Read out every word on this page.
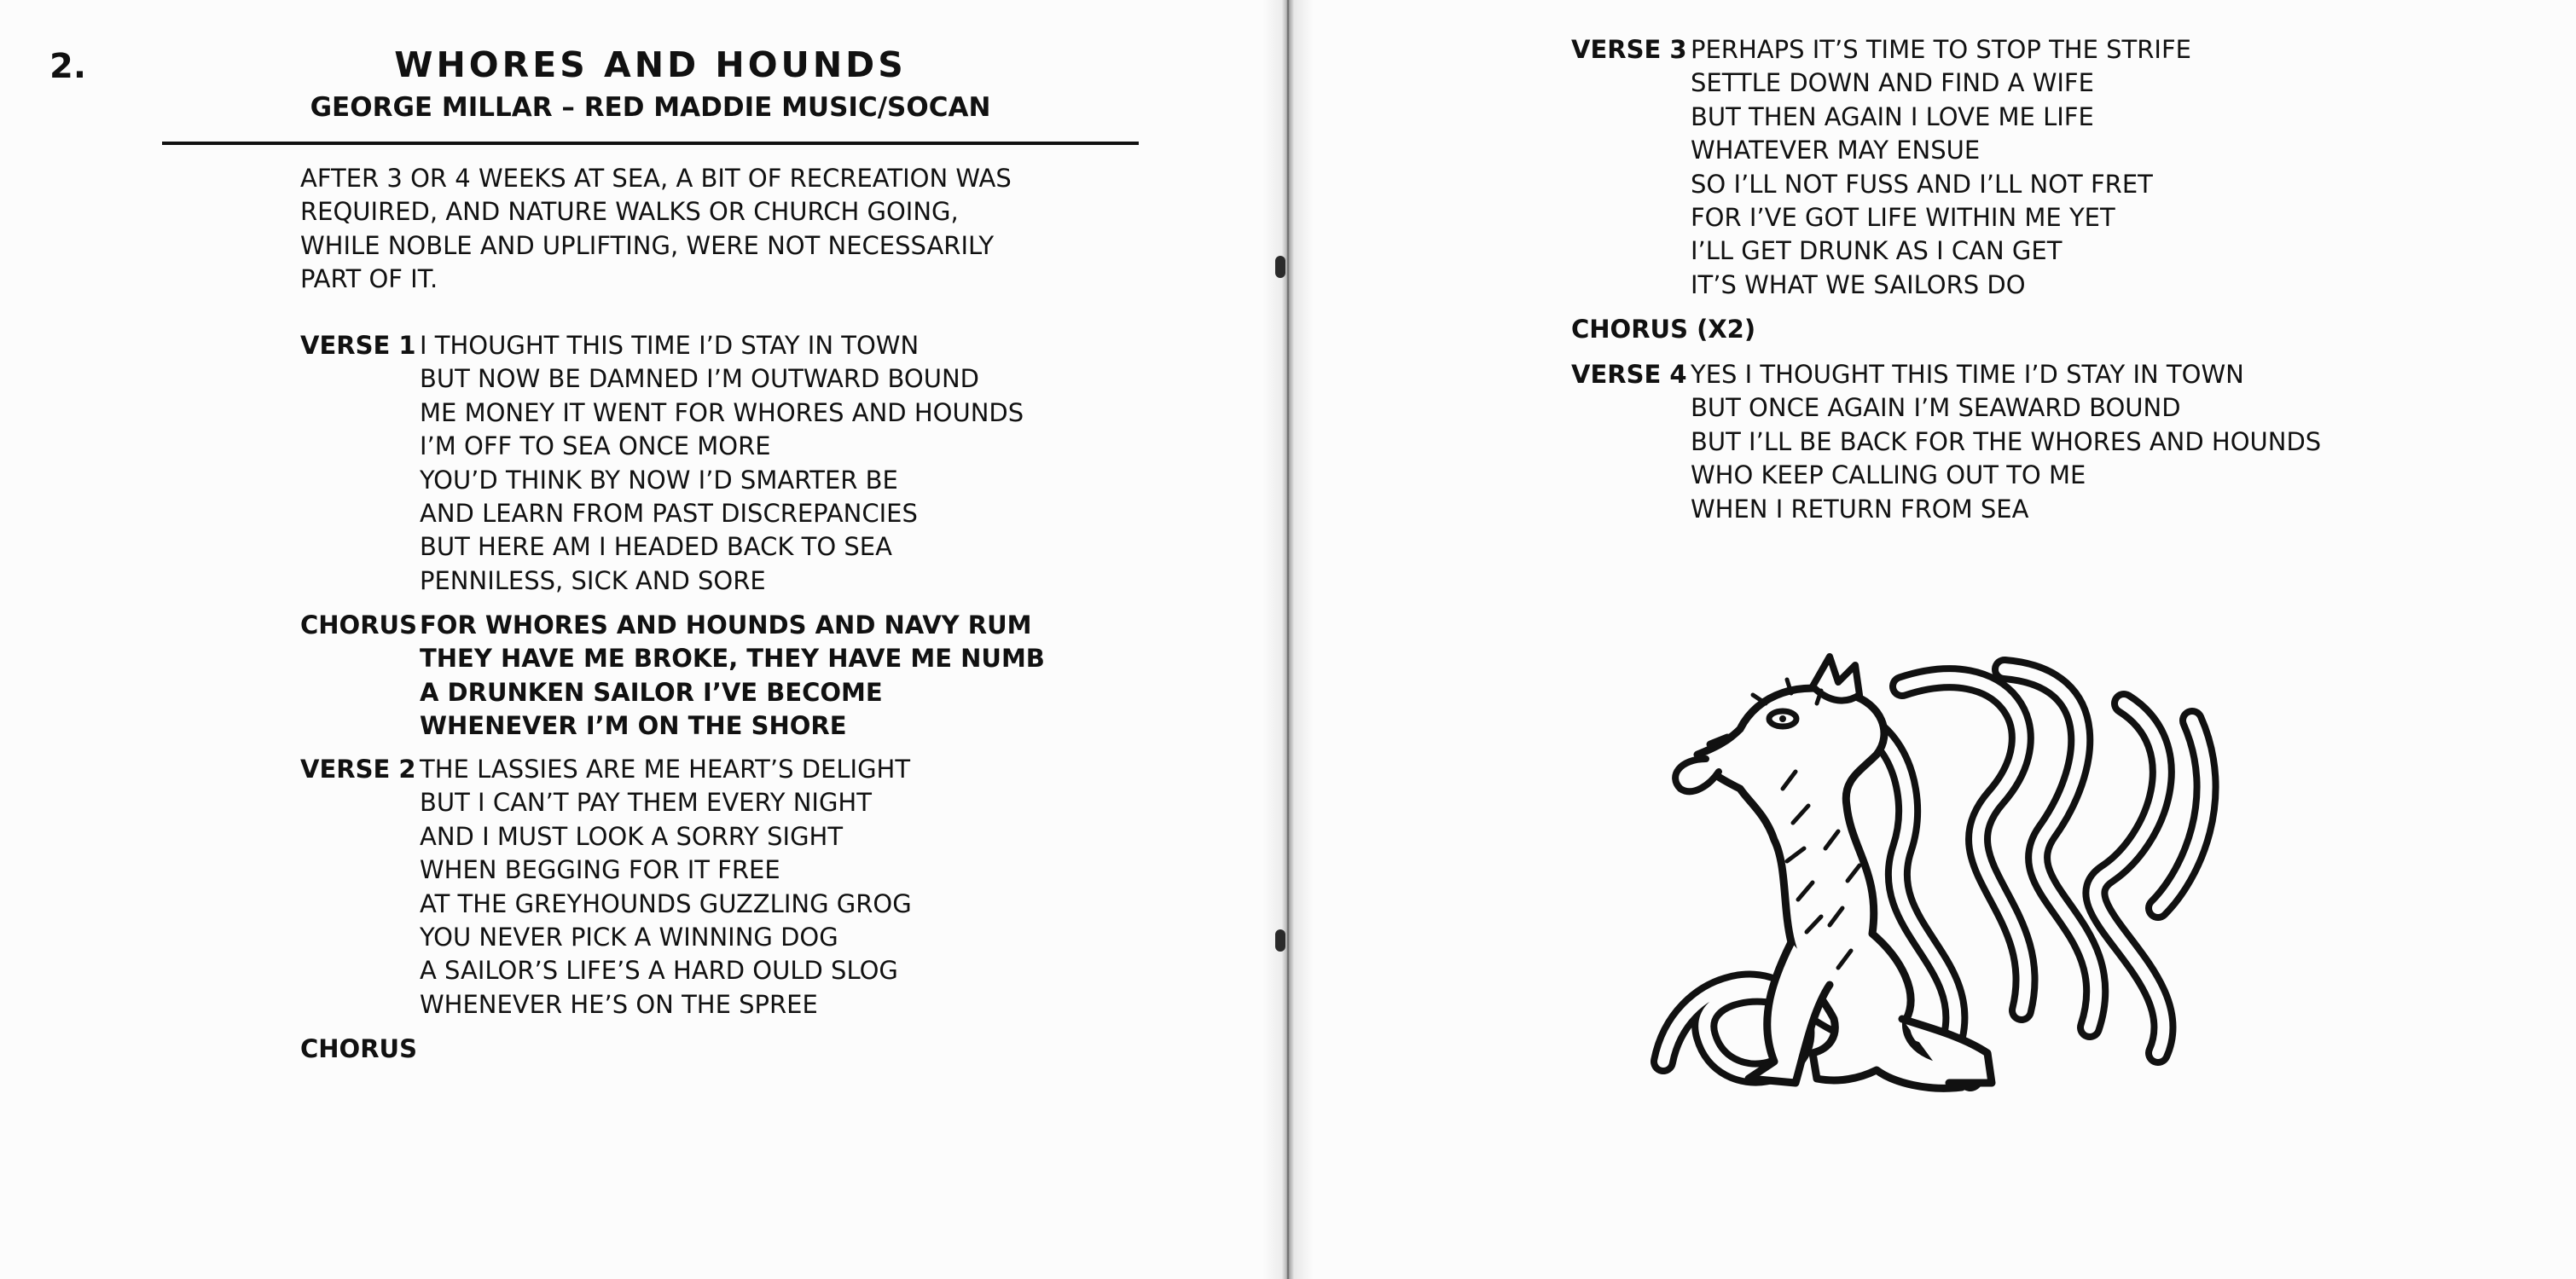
2.	WHORES AND HOUNDS
GEORGE MILLAR – RED MADDIE MUSIC/SOCAN
AFTER 3 OR 4 WEEKS AT SEA, A BIT OF RECREATION WAS REQUIRED, AND NATURE WALKS OR CHURCH GOING, WHILE NOBLE AND UPLIFTING, WERE NOT NECESSARILY PART OF IT.
VERSE 1 I THOUGHT THIS TIME I’D STAY IN TOWN
BUT NOW BE DAMNED I’M OUTWARD BOUND
ME MONEY IT WENT FOR WHORES AND HOUNDS
I’M OFF TO SEA ONCE MORE
YOU’D THINK BY NOW I’D SMARTER BE
AND LEARN FROM PAST DISCREPANCIES
BUT HERE AM I HEADED BACK TO SEA
PENNILESS, SICK AND SORE
CHORUS FOR WHORES AND HOUNDS AND NAVY RUM
THEY HAVE ME BROKE, THEY HAVE ME NUMB
A DRUNKEN SAILOR I’VE BECOME
WHENEVER I’M ON THE SHORE
VERSE 2 THE LASSIES ARE ME HEART’S DELIGHT
BUT I CAN’T PAY THEM EVERY NIGHT
AND I MUST LOOK A SORRY SIGHT
WHEN BEGGING FOR IT FREE
AT THE GREYHOUNDS GUZZLING GROG
YOU NEVER PICK A WINNING DOG
A SAILOR’S LIFE’S A HARD OULD SLOG
WHENEVER HE’S ON THE SPREE
CHORUS
VERSE 3 PERHAPS IT’S TIME TO STOP THE STRIFE
SETTLE DOWN AND FIND A WIFE
BUT THEN AGAIN I LOVE ME LIFE
WHATEVER MAY ENSUE
SO I’LL NOT FUSS AND I’LL NOT FRET
FOR I’VE GOT LIFE WITHIN ME YET
I’LL GET DRUNK AS I CAN GET
IT’S WHAT WE SAILORS DO
CHORUS (X2)
VERSE 4 YES I THOUGHT THIS TIME I’D STAY IN TOWN
BUT ONCE AGAIN I’M SEAWARD BOUND
BUT I’LL BE BACK FOR THE WHORES AND HOUNDS
WHO KEEP CALLING OUT TO ME
WHEN I RETURN FROM SEA
